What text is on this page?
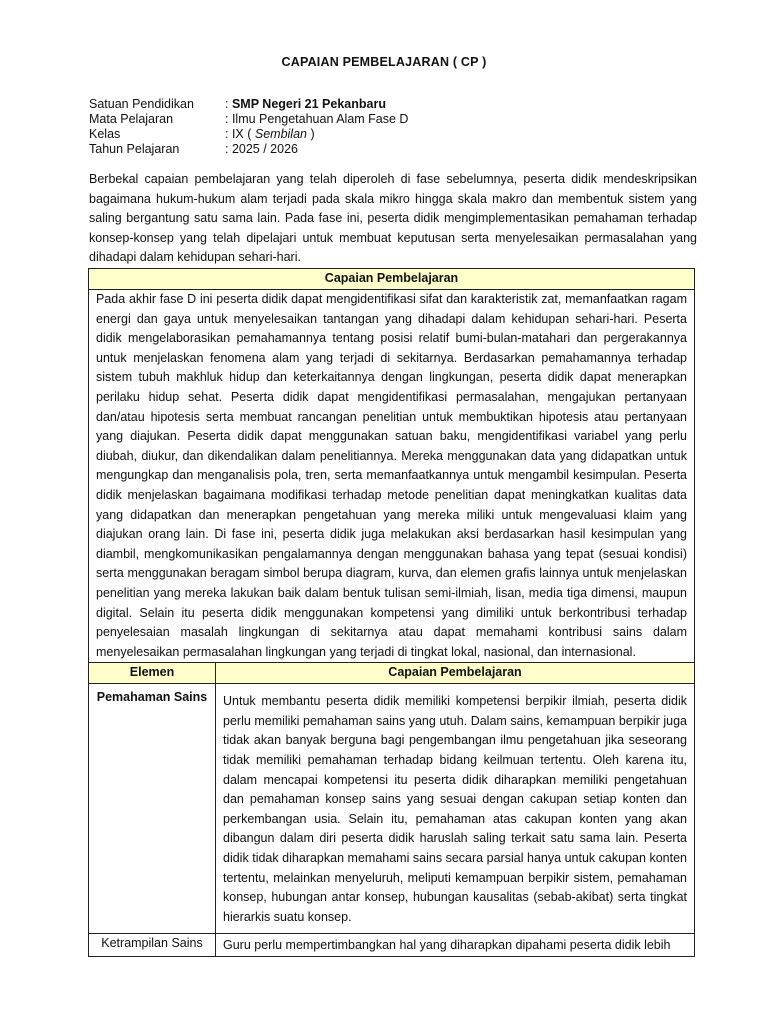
CAPAIAN PEMBELAJARAN ( CP )
Satuan Pendidikan	: SMP Negeri 21 Pekanbaru
Mata Pelajaran	: Ilmu Pengetahuan Alam Fase D
Kelas	: IX ( Sembilan )
Tahun Pelajaran	: 2025 / 2026
Berbekal capaian pembelajaran yang telah diperoleh di fase sebelumnya, peserta didik mendeskripsikan bagaimana hukum-hukum alam terjadi pada skala mikro hingga skala makro dan membentuk sistem yang saling bergantung satu sama lain. Pada fase ini, peserta didik mengimplementasikan pemahaman terhadap konsep-konsep yang telah dipelajari untuk membuat keputusan serta menyelesaikan permasalahan yang dihadapi dalam kehidupan sehari-hari.
Capaian Pembelajaran	
Pada akhir fase D ini peserta didik dapat mengidentifikasi sifat dan karakteristik zat, memanfaatkan ragam energi dan gaya untuk menyelesaikan tantangan yang dihadapi dalam kehidupan sehari-hari. Peserta didik mengelaborasikan pemahamannya tentang posisi relatif bumi-bulan-matahari dan pergerakannya untuk menjelaskan fenomena alam yang terjadi di sekitarnya. Berdasarkan pemahamannya terhadap sistem tubuh makhluk hidup dan keterkaitannya dengan lingkungan, peserta didik dapat menerapkan perilaku hidup sehat. Peserta didik dapat mengidentifikasi permasalahan, mengajukan pertanyaan dan/atau hipotesis serta membuat rancangan penelitian untuk membuktikan hipotesis atau pertanyaan yang diajukan. Peserta didik dapat menggunakan satuan baku, mengidentifikasi variabel yang perlu diubah, diukur, dan dikendalikan dalam penelitiannya. Mereka menggunakan data yang didapatkan untuk mengungkap dan menganalisis pola, tren, serta memanfaatkannya untuk mengambil kesimpulan. Peserta didik menjelaskan bagaimana modifikasi terhadap metode penelitian dapat meningkatkan kualitas data yang didapatkan dan menerapkan pengetahuan yang mereka miliki untuk mengevaluasi klaim yang diajukan orang lain. Di fase ini, peserta didik juga melakukan aksi berdasarkan hasil kesimpulan yang diambil, mengkomunikasikan pengalamannya dengan menggunakan bahasa yang tepat (sesuai kondisi) serta menggunakan beragam simbol berupa diagram, kurva, dan elemen grafis lainnya untuk menjelaskan penelitian yang mereka lakukan baik dalam bentuk tulisan semi-ilmiah, lisan, media tiga dimensi, maupun digital. Selain itu peserta didik menggunakan kompetensi yang dimiliki untuk berkontribusi terhadap penyelesaian masalah lingkungan di sekitarnya atau dapat memahami kontribusi sains dalam menyelesaikan permasalahan lingkungan yang terjadi di tingkat lokal, nasional, dan internasional.	
Elemen	Capaian Pembelajaran
Pemahaman Sains	Untuk membantu peserta didik memiliki kompetensi berpikir ilmiah, peserta didik perlu memiliki pemahaman sains yang utuh. Dalam sains, kemampuan berpikir juga tidak akan banyak berguna bagi pengembangan ilmu pengetahuan jika seseorang tidak memiliki pemahaman terhadap bidang keilmuan tertentu. Oleh karena itu, dalam mencapai kompetensi itu peserta didik diharapkan memiliki pengetahuan dan pemahaman konsep sains yang sesuai dengan cakupan setiap konten dan perkembangan usia. Selain itu, pemahaman atas cakupan konten yang akan dibangun dalam diri peserta didik haruslah saling terkait satu sama lain. Peserta didik tidak diharapkan memahami sains secara parsial hanya untuk cakupan konten tertentu, melainkan menyeluruh, meliputi kemampuan berpikir sistem, pemahaman konsep, hubungan antar konsep, hubungan kausalitas (sebab-akibat) serta tingkat hierarkis suatu konsep.
Ketrampilan Sains	Guru perlu mempertimbangkan hal yang diharapkan dipahami peserta didik lebih
